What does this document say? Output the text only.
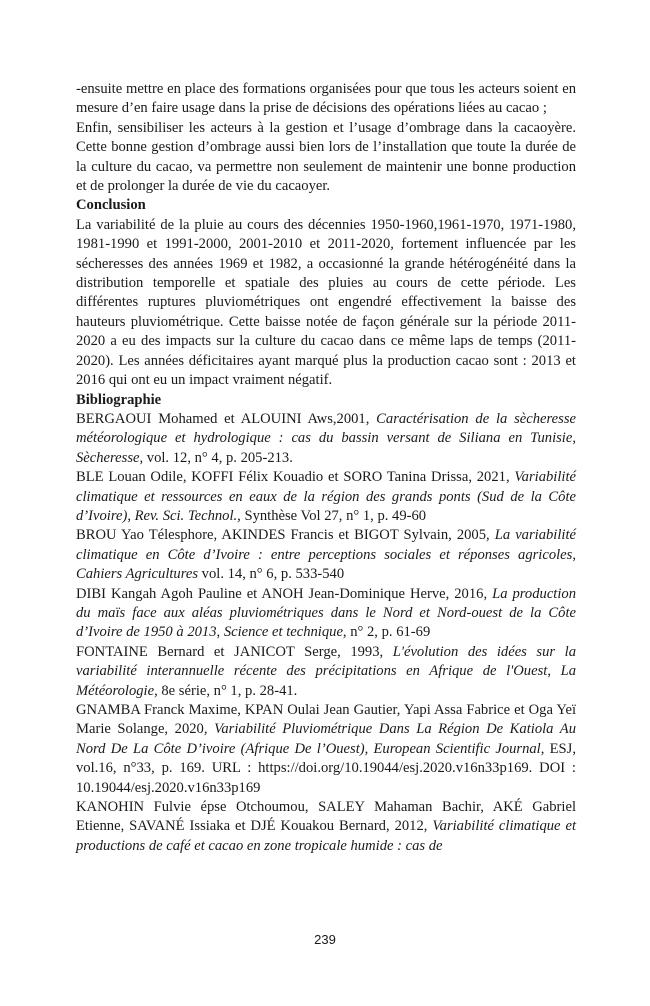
-ensuite mettre en place des formations organisées pour que tous les acteurs soient en mesure d’en faire usage dans la prise de décisions des opérations liées au cacao ;

Enfin, sensibiliser les acteurs à la gestion et l’usage d’ombrage dans la cacaoyère. Cette bonne gestion d’ombrage aussi bien lors de l’installation que toute la durée de la culture du cacao, va permettre non seulement de maintenir une bonne production et de prolonger la durée de vie du cacaoyer.

Conclusion

La variabilité de la pluie au cours des décennies 1950-1960,1961-1970, 1971-1980, 1981-1990 et 1991-2000, 2001-2010 et 2011-2020, fortement influencée par les sécheresses des années 1969 et 1982, a occasionné la grande hétérogénéité dans la distribution temporelle et spatiale des pluies au cours de cette période. Les différentes ruptures pluviométriques ont engendré effectivement la baisse des hauteurs pluviométrique. Cette baisse notée de façon générale sur la période 2011-2020 a eu des impacts sur la culture du cacao dans ce même laps de temps (2011-2020). Les années déficitaires ayant marqué plus la production cacao sont : 2013 et 2016 qui ont eu un impact vraiment négatif.

Bibliographie

BERGAOUI Mohamed et ALOUINI Aws,2001, Caractérisation de la sècheresse météorologique et hydrologique : cas du bassin versant de Siliana en Tunisie, Sècheresse, vol. 12, n° 4, p. 205-213.

BLE Louan Odile, KOFFI Félix Kouadio et SORO Tanina Drissa, 2021, Variabilité climatique et ressources en eaux de la région des grands ponts (Sud de la Côte d’Ivoire), Rev. Sci. Technol., Synthèse Vol 27, n° 1, p. 49-60

BROU Yao Télesphore, AKINDES Francis et BIGOT Sylvain, 2005, La variabilité climatique en Côte d’Ivoire : entre perceptions sociales et réponses agricoles, Cahiers Agricultures vol. 14, n° 6, p. 533-540

DIBI Kangah Agoh Pauline et ANOH Jean-Dominique Herve, 2016, La production du maïs face aux aléas pluviométriques dans le Nord et Nord-ouest de la Côte d’Ivoire de 1950 à 2013, Science et technique, n° 2, p. 61-69

FONTAINE Bernard et JANICOT Serge, 1993, L'évolution des idées sur la variabilité interannuelle récente des précipitations en Afrique de l'Ouest, La Météorologie, 8e série, n° 1, p. 28-41.

GNAMBA Franck Maxime, KPAN Oulai Jean Gautier, Yapi Assa Fabrice et Oga Yeï Marie Solange, 2020, Variabilité Pluviométrique Dans La Région De Katiola Au Nord De La Côte D’ivoire (Afrique De l’Ouest), European Scientific Journal, ESJ, vol.16, n°33, p. 169. URL : https://doi.org/10.19044/esj.2020.v16n33p169. DOI : 10.19044/esj.2020.v16n33p169

KANOHIN Fulvie épse Otchoumou, SALEY Mahaman Bachir, AKÉ Gabriel Etienne, SAVANÉ Issiaka et DJÉ Kouakou Bernard, 2012, Variabilité climatique et productions de café et cacao en zone tropicale humide : cas de

239
